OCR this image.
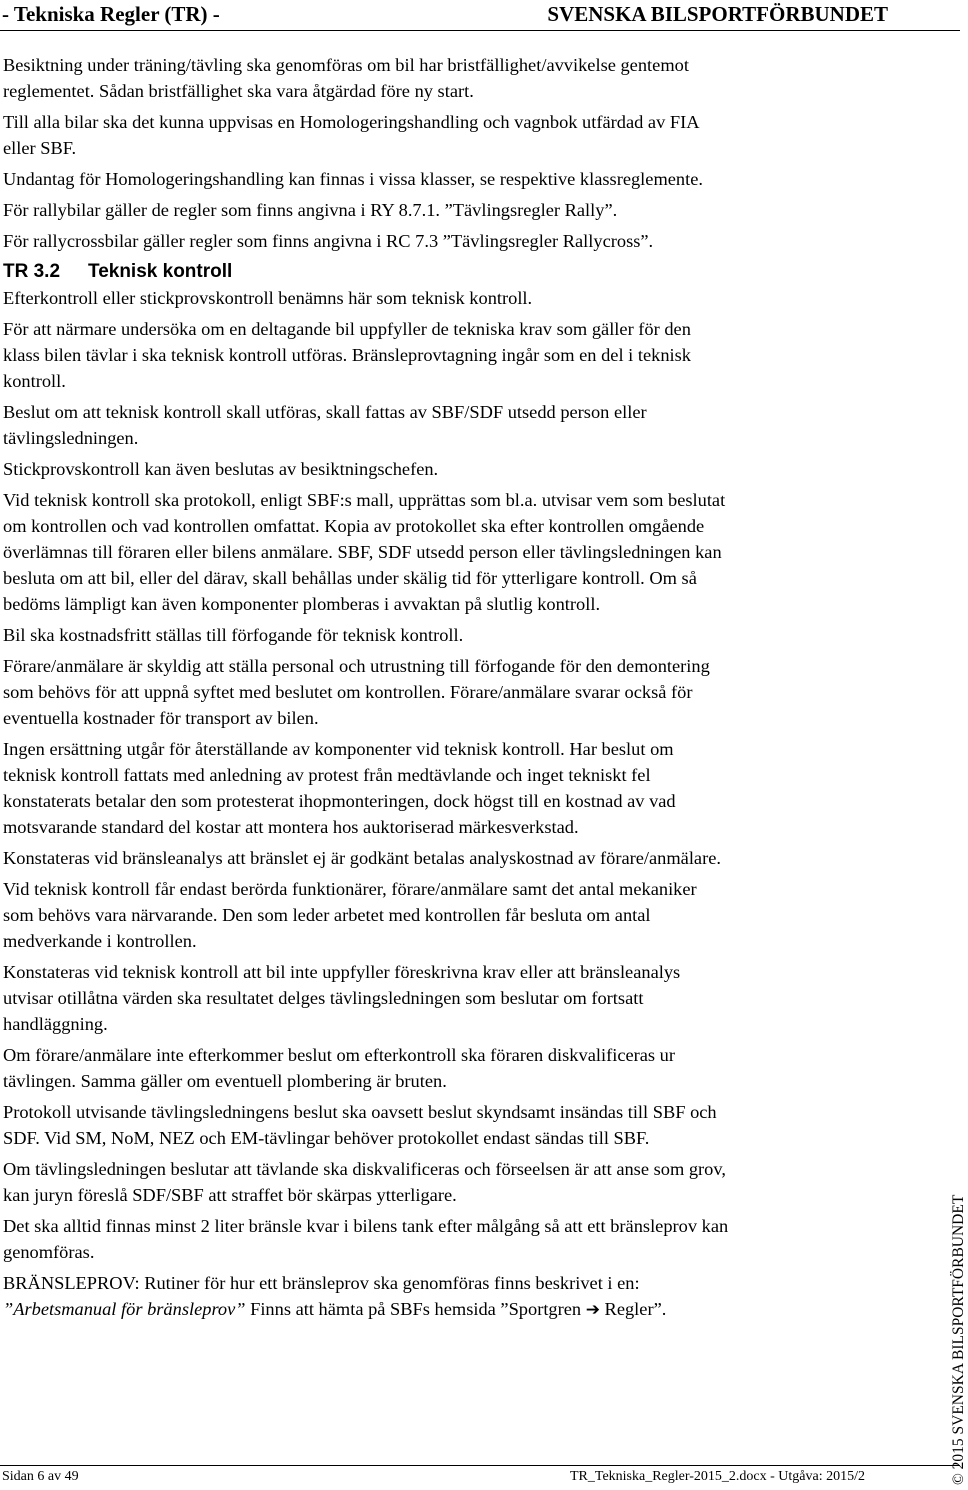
- Tekniska Regler (TR) -	SVENSKA BILSPORTFÖRBUNDET
Besiktning under träning/tävling ska genomföras om bil har bristfällighet/avvikelse gentemot
reglementet. Sådan bristfällighet ska vara åtgärdad före ny start.
Till alla bilar ska det kunna uppvisas en Homologeringshandling och vagnbok utfärdad av FIA
eller SBF.
Undantag för Homologeringshandling kan finnas i vissa klasser, se respektive klassreglemente.
För rallybilar gäller de regler som finns angivna i RY 8.7.1. ”Tävlingsregler Rally”.
För rallycrossbilar gäller regler som finns angivna i RC 7.3 ”Tävlingsregler Rallycross”.
TR 3.2 Teknisk kontroll
Efterkontroll eller stickprovskontroll benämns här som teknisk kontroll.
För att närmare undersöka om en deltagande bil uppfyller de tekniska krav som gäller för den
klass bilen tävlar i ska teknisk kontroll utföras. Bränsleprovtagning ingår som en del i teknisk
kontroll.
Beslut om att teknisk kontroll skall utföras, skall fattas av SBF/SDF utsedd person eller
tävlingsledningen.
Stickprovskontroll kan även beslutas av besiktningschefen.
Vid teknisk kontroll ska protokoll, enligt SBF:s mall, upprättas som bl.a. utvisar vem som beslutat
om kontrollen och vad kontrollen omfattat. Kopia av protokollet ska efter kontrollen omgående
överlämnas till föraren eller bilens anmälare. SBF, SDF utsedd person eller tävlingsledningen kan
besluta om att bil, eller del därav, skall behållas under skälig tid för ytterligare kontroll. Om så
bedöms lämpligt kan även komponenter plomberas i avvaktan på slutlig kontroll.
Bil ska kostnadsfritt ställas till förfogande för teknisk kontroll.
Förare/anmälare är skyldig att ställa personal och utrustning till förfogande för den demontering
som behövs för att uppnå syftet med beslutet om kontrollen. Förare/anmälare svarar också för
eventuella kostnader för transport av bilen.
Ingen ersättning utgår för återställande av komponenter vid teknisk kontroll. Har beslut om
teknisk kontroll fattats med anledning av protest från medtävlande och inget tekniskt fel
konstaterats betalar den som protesterat ihopmonteringen, dock högst till en kostnad av vad
motsvarande standard del kostar att montera hos auktoriserad märkesverkstad.
Konstateras vid bränsleanalys att bränslet ej är godkänt betalas analyskostnad av förare/anmälare.
Vid teknisk kontroll får endast berörda funktionärer, förare/anmälare samt det antal mekaniker
som behövs vara närvarande. Den som leder arbetet med kontrollen får besluta om antal
medverkande i kontrollen.
Konstateras vid teknisk kontroll att bil inte uppfyller föreskrivna krav eller att bränsleanalys
utvisar otillåtna värden ska resultatet delges tävlingsledningen som beslutar om fortsatt
handläggning.
Om förare/anmälare inte efterkommer beslut om efterkontroll ska föraren diskvalificeras ur
tävlingen. Samma gäller om eventuell plombering är bruten.
Protokoll utvisande tävlingsledningens beslut ska oavsett beslut skyndsamt insändas till SBF och
SDF. Vid SM, NoM, NEZ och EM-tävlingar behöver protokollet endast sändas till SBF.
Om tävlingsledningen beslutar att tävlande ska diskvalificeras och förseelsen är att anse som grov,
kan juryn föreslå SDF/SBF att straffet bör skärpas ytterligare.
Det ska alltid finnas minst 2 liter bränsle kvar i bilens tank efter målgång så att ett bränsleprov kan
genomföras.
BRÄNSLEPROV: Rutiner för hur ett bränsleprov ska genomföras finns beskrivet i en:
”Arbetsmanual för bränsleprov” Finns att hämta på SBFs hemsida ”Sportgren ➔ Regler”.	© 2015 SVENSKA BILSPORTFÖRBUNDET
Sidan 6 av 49	TR_Tekniska_Regler-2015_2.docx - Utgåva: 2015/2
